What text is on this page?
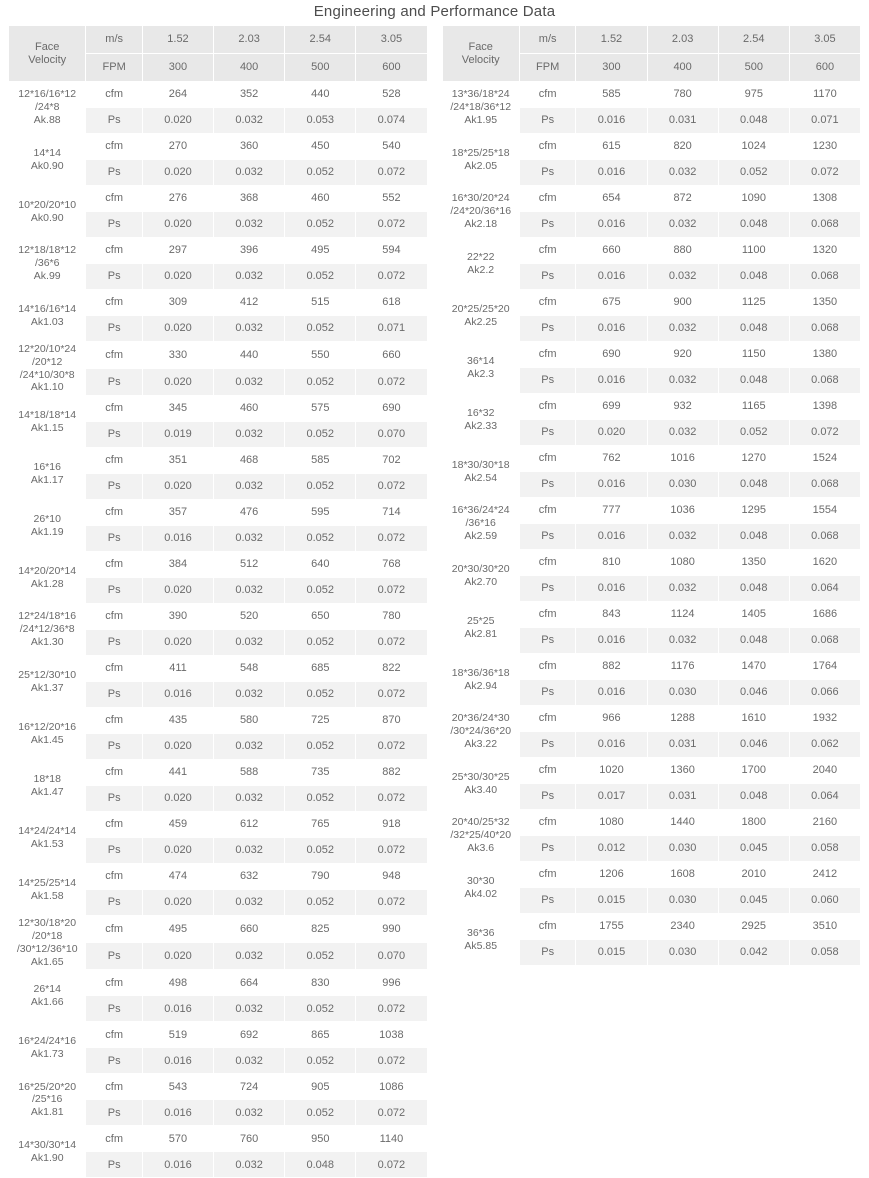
Engineering and Performance Data
Face
Velocity	m/s	1.52	2.03	2.54	3.05
	FPM	300	400	500	600
12*16/16*12
/24*8
Ak.88	cfm	264	352	440	528
	Ps	0.020	0.032	0.053	0.074
14*14
Ak0.90	cfm	270	360	450	540
	Ps	0.020	0.032	0.052	0.072
10*20/20*10
Ak0.90	cfm	276	368	460	552
	Ps	0.020	0.032	0.052	0.072
12*18/18*12
/36*6
Ak.99	cfm	297	396	495	594
	Ps	0.020	0.032	0.052	0.072
14*16/16*14
Ak1.03	cfm	309	412	515	618
	Ps	0.020	0.032	0.052	0.071
12*20/10*24
/20*12
/24*10/30*8
Ak1.10	cfm	330	440	550	660
	Ps	0.020	0.032	0.052	0.072
14*18/18*14
Ak1.15	cfm	345	460	575	690
	Ps	0.019	0.032	0.052	0.070
16*16
Ak1.17	cfm	351	468	585	702
	Ps	0.020	0.032	0.052	0.072
26*10
Ak1.19	cfm	357	476	595	714
	Ps	0.016	0.032	0.052	0.072
14*20/20*14
Ak1.28	cfm	384	512	640	768
	Ps	0.020	0.032	0.052	0.072
12*24/18*16
/24*12/36*8
Ak1.30	cfm	390	520	650	780
	Ps	0.020	0.032	0.052	0.072
25*12/30*10
Ak1.37	cfm	411	548	685	822
	Ps	0.016	0.032	0.052	0.072
16*12/20*16
Ak1.45	cfm	435	580	725	870
	Ps	0.020	0.032	0.052	0.072
18*18
Ak1.47	cfm	441	588	735	882
	Ps	0.020	0.032	0.052	0.072
14*24/24*14
Ak1.53	cfm	459	612	765	918
	Ps	0.020	0.032	0.052	0.072
14*25/25*14
Ak1.58	cfm	474	632	790	948
	Ps	0.020	0.032	0.052	0.072
12*30/18*20
/20*18
/30*12/36*10
Ak1.65	cfm	495	660	825	990
	Ps	0.020	0.032	0.052	0.070
26*14
Ak1.66	cfm	498	664	830	996
	Ps	0.016	0.032	0.052	0.072
16*24/24*16
Ak1.73	cfm	519	692	865	1038
	Ps	0.016	0.032	0.052	0.072
16*25/20*20
/25*16
Ak1.81	cfm	543	724	905	1086
	Ps	0.016	0.032	0.052	0.072
14*30/30*14
Ak1.90	cfm	570	760	950	1140
	Ps	0.016	0.032	0.048	0.072
Face
Velocity	m/s	1.52	2.03	2.54	3.05
	FPM	300	400	500	600
13*36/18*24
/24*18/36*12
Ak1.95	cfm	585	780	975	1170
	Ps	0.016	0.031	0.048	0.071
18*25/25*18
Ak2.05	cfm	615	820	1024	1230
	Ps	0.016	0.032	0.052	0.072
16*30/20*24
/24*20/36*16
Ak2.18	cfm	654	872	1090	1308
	Ps	0.016	0.032	0.048	0.068
22*22
Ak2.2	cfm	660	880	1100	1320
	Ps	0.016	0.032	0.048	0.068
20*25/25*20
Ak2.25	cfm	675	900	1125	1350
	Ps	0.016	0.032	0.048	0.068
36*14
Ak2.3	cfm	690	920	1150	1380
	Ps	0.016	0.032	0.048	0.068
16*32
Ak2.33	cfm	699	932	1165	1398
	Ps	0.020	0.032	0.052	0.072
18*30/30*18
Ak2.54	cfm	762	1016	1270	1524
	Ps	0.016	0.030	0.048	0.068
16*36/24*24
/36*16
Ak2.59	cfm	777	1036	1295	1554
	Ps	0.016	0.032	0.048	0.068
20*30/30*20
Ak2.70	cfm	810	1080	1350	1620
	Ps	0.016	0.032	0.048	0.064
25*25
Ak2.81	cfm	843	1124	1405	1686
	Ps	0.016	0.032	0.048	0.068
18*36/36*18
Ak2.94	cfm	882	1176	1470	1764
	Ps	0.016	0.030	0.046	0.066
20*36/24*30
/30*24/36*20
Ak3.22	cfm	966	1288	1610	1932
	Ps	0.016	0.031	0.046	0.062
25*30/30*25
Ak3.40	cfm	1020	1360	1700	2040
	Ps	0.017	0.031	0.048	0.064
20*40/25*32
/32*25/40*20
Ak3.6	cfm	1080	1440	1800	2160
	Ps	0.012	0.030	0.045	0.058
30*30
Ak4.02	cfm	1206	1608	2010	2412
	Ps	0.015	0.030	0.045	0.060
36*36
Ak5.85	cfm	1755	2340	2925	3510
	Ps	0.015	0.030	0.042	0.058
